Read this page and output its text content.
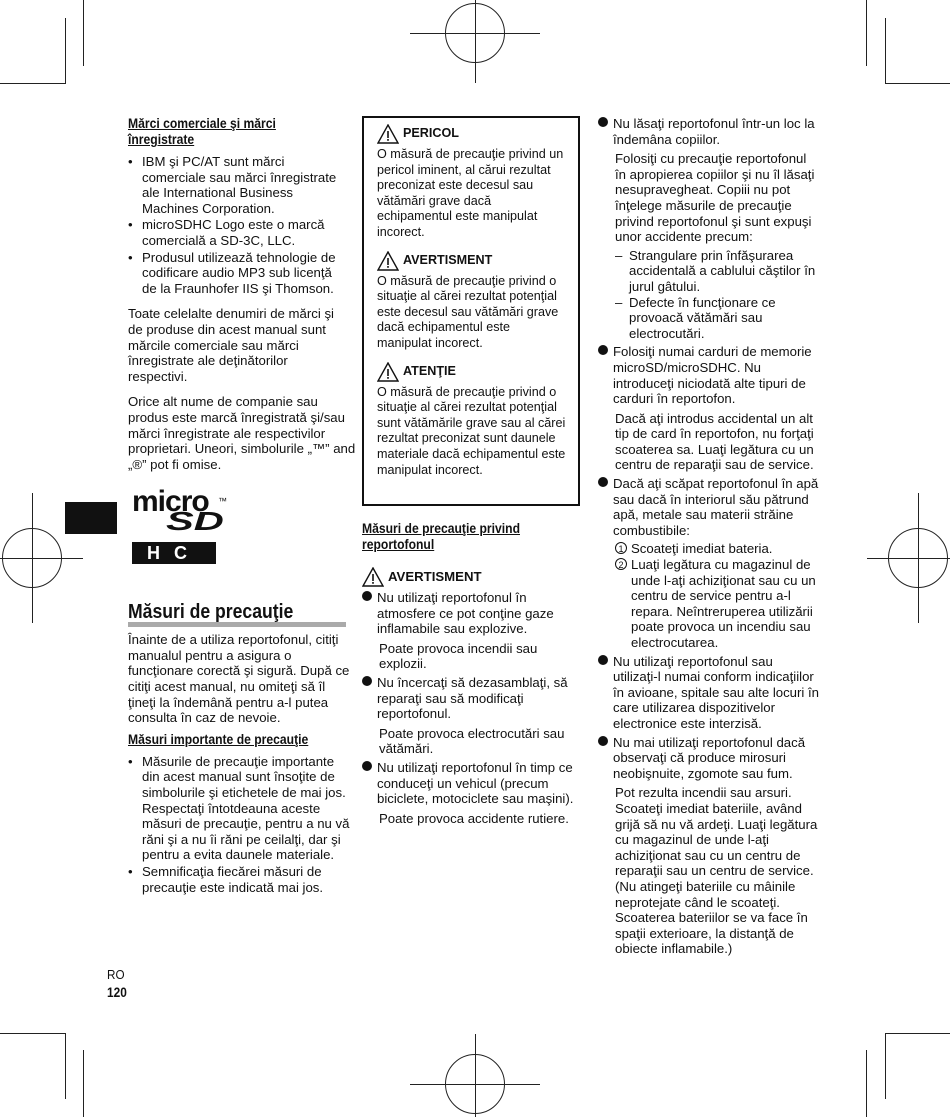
Mărci comerciale şi mărci înregistrate
• IBM şi PC/AT sunt mărci comerciale sau mărci înregistrate ale International Business Machines Corporation.
• microSDHC Logo este o marcă comercială a SD-3C, LLC.
• Produsul utilizează tehnologie de codificare audio MP3 sub licenţă de la Fraunhofer IIS şi Thomson.

Toate celelalte denumiri de mărci şi de produse din acest manual sunt mărcile comerciale sau mărci înregistrate ale deţinătorilor respectivi.

Orice alt nume de companie sau produs este marcă înregistrată şi/sau mărci înregistrate ale respectivilor proprietari. Uneori, simbolurile „™” and „®” pot fi omise.

micro ™
SD
HC
Măsuri de precauţie

Înainte de a utiliza reportofonul, citiţi manualul pentru a asigura o funcţionare corectă şi sigură. După ce citiţi acest manual, nu omiteţi să îl ţineţi la îndemână pentru a-l putea consulta în caz de nevoie.

Măsuri importante de precauţie
• Măsurile de precauţie importante din acest manual sunt însoţite de simbolurile şi etichetele de mai jos. Respectaţi întotdeauna aceste măsuri de precauţie, pentru a nu vă răni şi a nu îi răni pe ceilalţi, dar şi pentru a evita daunele materiale.
• Semnificaţia fiecărei măsuri de precauţie este indicată mai jos.
RO
120
PERICOL
O măsură de precauţie privind un pericol iminent, al cărui rezultat preconizat este decesul sau vătămări grave dacă echipamentul este manipulat incorect.
AVERTISMENT
O măsură de precauţie privind o situaţie al cărei rezultat potenţial este decesul sau vătămări grave dacă echipamentul este manipulat incorect.
ATENŢIE
O măsură de precauţie privind o situaţie al cărei rezultat potenţial sunt vătămările grave sau al cărei rezultat preconizat sunt daunele materiale dacă echipamentul este manipulat incorect.
Măsuri de precauţie privind reportofonul
AVERTISMENT
Nu utilizaţi reportofonul în atmosfere ce pot conţine gaze inflamabile sau explozive.

Poate provoca incendii sau explozii.

Nu încercaţi să dezasamblaţi, să reparaţi sau să modificaţi reportofonul.

Poate provoca electrocutări sau vătămări.

Nu utilizaţi reportofonul în timp ce conduceţi un vehicul (precum biciclete, motociclete sau maşini).

Poate provoca accidente rutiere.

Nu lăsaţi reportofonul într-un loc la îndemâna copiilor.

Folosiţi cu precauţie reportofonul în apropierea copiilor şi nu îl lăsaţi nesupravegheat. Copiii nu pot înţelege măsurile de precauţie privind reportofonul şi sunt expuşi unor accidente precum:

– Strangulare prin înfăşurarea accidentală a cablului căştilor în jurul gâtului.
– Defecte în funcţionare ce provoacă vătămări sau electrocutări.
Folosiţi numai carduri de memorie microSD/microSDHC. Nu introduceţi niciodată alte tipuri de carduri în reportofon.

Dacă aţi introdus accidental un alt tip de card în reportofon, nu forţaţi scoaterea sa. Luaţi legătura cu un centru de reparaţii sau de service.

Dacă aţi scăpat reportofonul în apă sau dacă în interiorul său pătrund apă, metale sau materii străine combustibile:
1 Scoateţi imediat bateria.
2 Luaţi legătura cu magazinul de unde l-aţi achiziţionat sau cu un centru de service pentru a-l repara. Neîntreruperea utilizării poate provoca un incendiu sau electrocutarea.
Nu utilizaţi reportofonul sau utilizaţi-l numai conform indicaţiilor în avioane, spitale sau alte locuri în care utilizarea dispozitivelor electronice este interzisă.
Nu mai utilizaţi reportofonul dacă observaţi că produce mirosuri neobişnuite, zgomote sau fum.

Pot rezulta incendii sau arsuri. Scoateţi imediat bateriile, având grijă să nu vă ardeţi. Luaţi legătura cu magazinul de unde l-aţi achiziţionat sau cu un centru de reparaţii sau un centru de service. (Nu atingeţi bateriile cu mâinile neprotejate când le scoateţi. Scoaterea bateriilor se va face în spaţii exterioare, la distanţă de obiecte inflamabile.)
